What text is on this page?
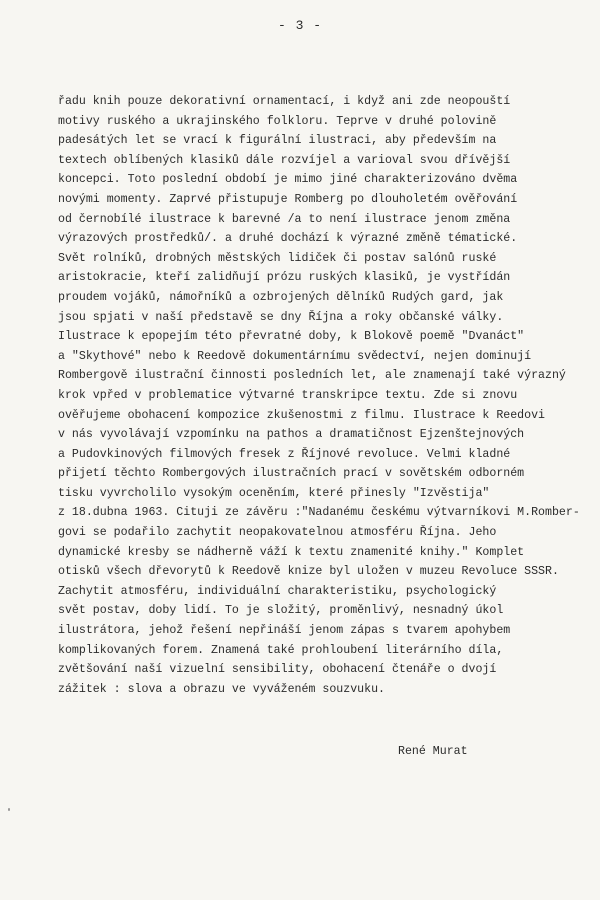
- 3 -
řadu knih pouze dekorativní ornamentací, i když ani zde neopouští
motivy ruského a ukrajinského folkloru. Teprve v druhé polovině
padesátých let se vrací k figurální ilustraci, aby především na
textech oblíbených klasiků dále rozvíjel a varioval svou dřívější
koncepci. Toto poslední období je mimo jiné charakterizováno dvěma
novými momenty. Zaprvé přistupuje Romberg po dlouholetém ověřování
od černobílé ilustrace k barevné /a to není ilustrace jenom změna
výrazových prostředků/. a druhé dochází k výrazné změně tématické.
Svět rolníků, drobných městských lidiček či postav salónů ruské
aristokracie, kteří zalidňují prózu ruských klasiků, je vystřídán
proudem vojáků, námořníků a ozbrojených dělníků Rudých gard, jak
jsou spjati v naší představě se dny Října a roky občanské války.
Ilustrace k epopejím této převratné doby, k Blokově poemě "Dvanáct"
a "Skythové" nebo k Reedově dokumentárnímu svědectví, nejen dominují
Rombergově ilustrační činnosti posledních let, ale znamenají také výrazný
krok vpřed v problematice výtvarné transkripce textu. Zde si znovu
ověřujeme obohacení kompozice zkušenostmi z filmu. Ilustrace k Reedovi
v nás vyvolávají vzpomínku na pathos a dramatičnost Ejzenštejnových
a Pudovkinových filmových fresek z Říjnové revoluce. Velmi kladné
přijetí těchto Rombergových ilustračních prací v sovětském odborném
tisku vyvrcholilo vysokým oceněním, které přinesly "Izvěstija"
z 18.dubna 1963. Cituji ze závěru :"Nadanému českému výtvarníkovi M.Romber-
govi se podařilo zachytit neopakovatelnou atmosféru Října. Jeho
dynamické kresby se nádherně váží k textu znamenité knihy." Komplet
otisků všech dřevorytů k Reedově knize byl uložen v muzeu Revoluce SSSR.
Zachytit atmosféru, individuální charakteristiku, psychologický
svět postav, doby lidí. To je složitý, proměnlivý, nesnadný úkol
ilustrátora, jehož řešení nepřináší jenom zápas s tvarem apohybem
komplikovaných forem. Znamená také prohloubení literárního díla,
zvětšování naší vizuelní sensibility, obohacení čtenáře o dvojí
zážitek : slova a obrazu ve vyváženém souzvuku.
René Murat
